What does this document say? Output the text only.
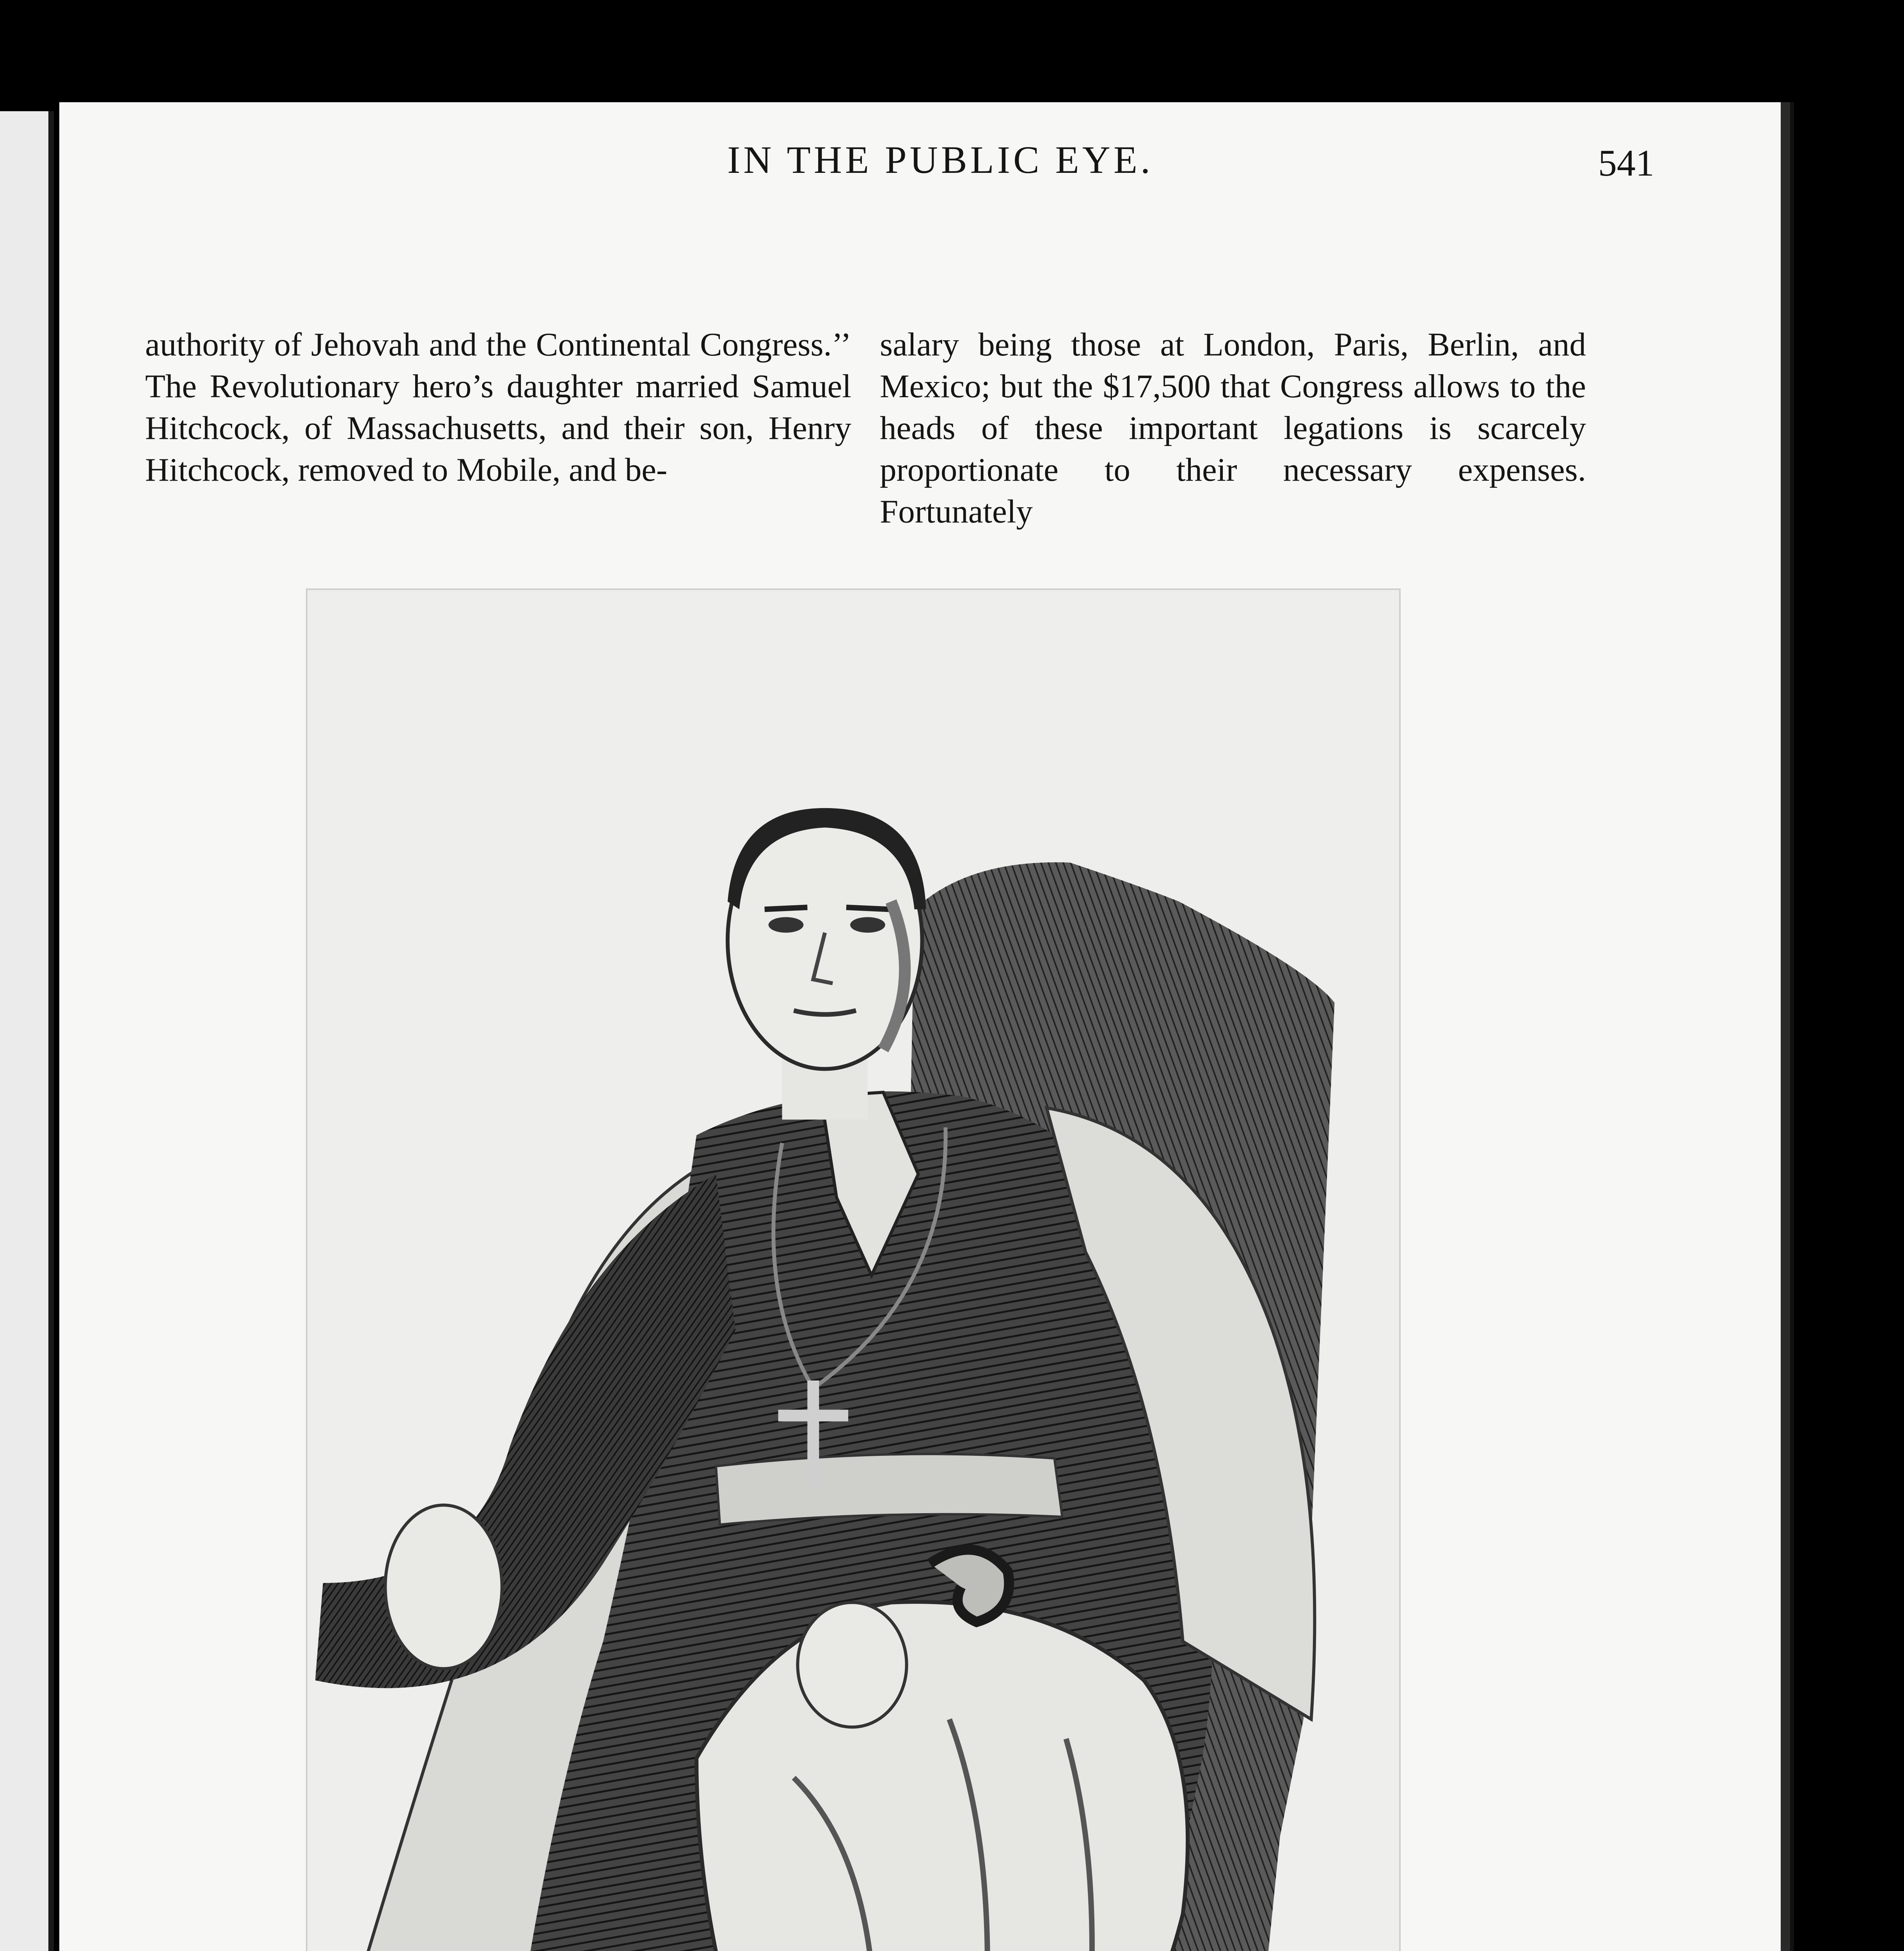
IN THE PUBLIC EYE.	541

authority of Jehovah and the Continental Congress.’’ The Revolutionary hero’s daughter married Samuel Hitchcock, of Massachusetts, and their son, Henry Hitchcock, removed to Mobile, and be-

salary being those at London, Paris, Berlin, and Mexico; but the $17,500 that Congress allows to the heads of these important legations is scarcely proportionate to their necessary expenses. Fortunately
